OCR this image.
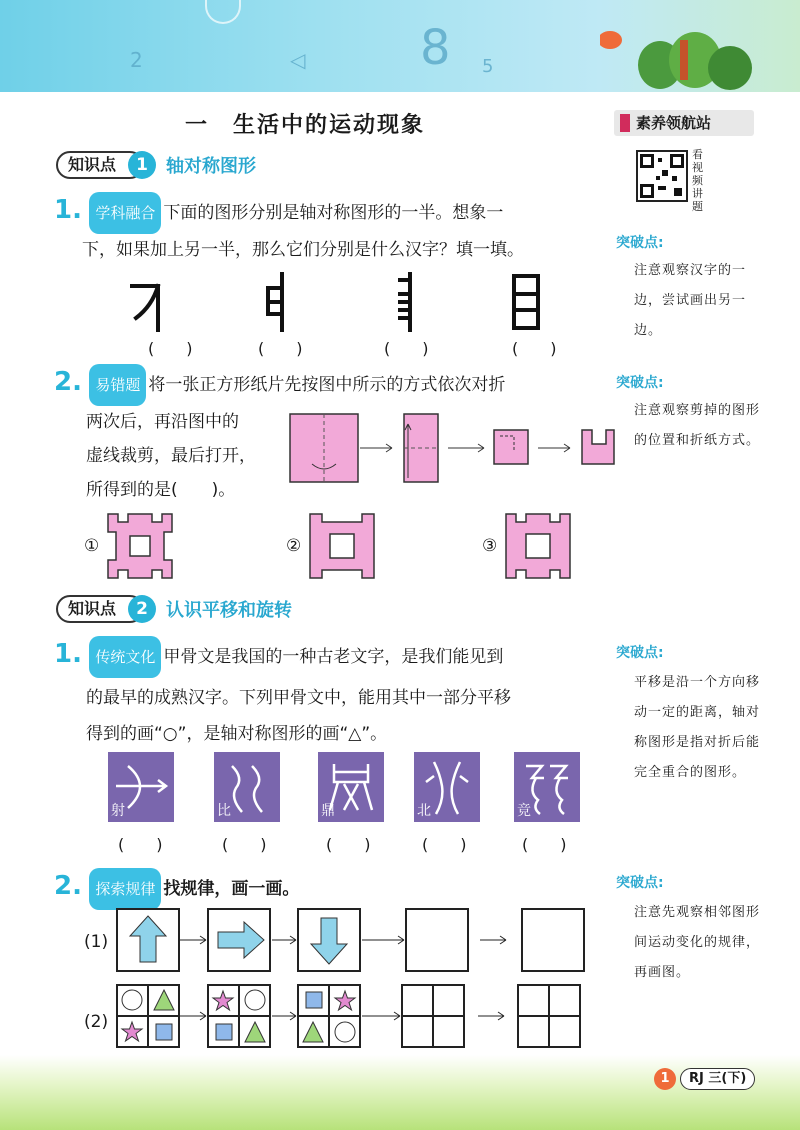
2	◁ 8 5
一　生活中的运动现象	素养领航站
看视频讲题
突破点:
注意观察汉字的一边，尝试画出另一边。
突破点:
注意观察剪掉的图形的位置和折纸方式。
突破点:
平移是沿一个方向移动一定的距离，轴对称图形是指对折后能完全重合的图形。
突破点:
注意先观察相邻图形间运动变化的规律，再画图。
知识点	1	轴对称图形
1. 学科融合 下面的图形分别是轴对称图形的一半。想象一
下，如果加上另一半，那么它们分别是什么汉字？填一填。
(　　)	(　　)	(　　)	(　　)
2. 易错题 将一张正方形纸片先按图中所示的方式依次对折
两次后，再沿图中的
虚线裁剪，最后打开，
所得到的是(　　)。
①	②	③
知识点	2	认识平移和旋转
1. 传统文化 甲骨文是我国的一种古老文字，是我们能见到
的最早的成熟汉字。下列甲骨文中，能用其中一部分平移
得到的画“○”，是轴对称图形的画“△”。
射	比	鼎	北	竞
(　　)	(　　)	(　　)	(　　)	(　　)
2. 探索规律 找规律，画一画。
(1)
(2)
1	RJ 三(下)
